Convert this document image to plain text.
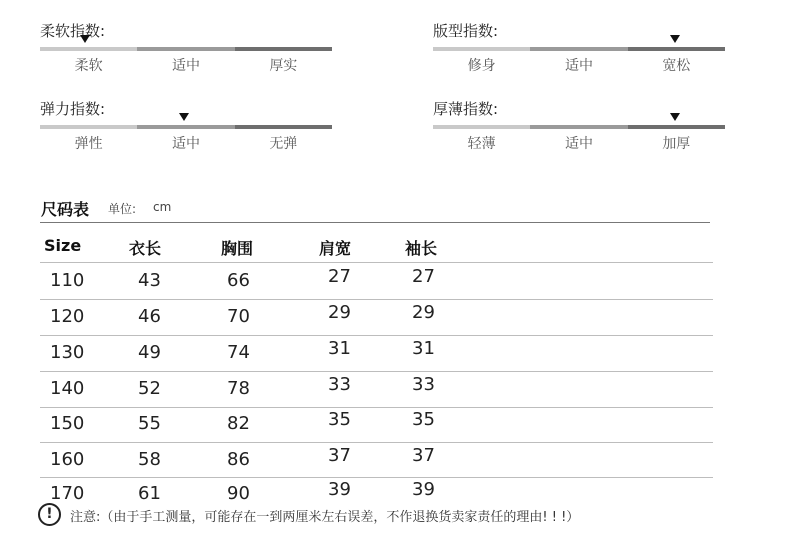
柔软指数:
柔软	适中	厚实
版型指数:
修身	适中	宽松
弹力指数:
弹性	适中	无弹
厚薄指数:
轻薄	适中	加厚
尺码表 单位: cm
Size	衣长	胸围	肩宽	袖长
110	43	66	27	27
120	46	70	29	29
130	49	74	31	31
140	52	78	33	33
150	55	82	35	35
160	58	86	37	37
170	61	90	39	39
!	注意:（由于手工测量，可能存在一到两厘米左右误差，不作退换货卖家责任的理由! ! !）
